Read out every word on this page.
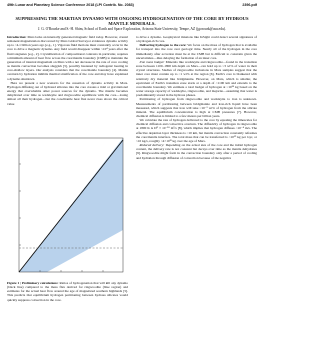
49th Lunar and Planetary Science Conference 2018 (LPI Contrib. No. 2083)	2396.pdf
SUPPRESSING THE MARTIAN DYNAMO WITH ONGOING HYDROGENATION OF THE CORE BY HYDROUS MANTLE MINERALS.
J. G. O'Rourke and S.-H. Shim, School of Earth and Space Exploration, Arizona State University, Tempe, AZ (jgorourk@asu.edu).

Introduction: Mars lacks an internally generated magnetic field today. However, crustal remanent magnetization discovered by Mars Global Surveyor evidences dynamo activity up to ~4.1 billion years ago [e.g., 1]. Vigorous fluid motions must constantly occur in the core to drive a magnetic dynamo. Any field would disappear within ~10⁴ years after the fluid stagnates [e.g., 2]. Crystallization of compositional contrasts in particular, requires a minimum amount of heat flow across the core/mantle boundary (CMB) to maintain the generation of internal magnetism on Mars with a net decrease in the rate of core cooling as mantle convection becomes sluggish [3], possibly hastened by radiogenic heating in core-shallow layers. Our analysis considers that the core/mantle boundary [4]. Mantle overturn by hydration inhibits thermal stratification of the core and may have explained a dynamo shutdown.

Here we present a new scenario for the cessation of dynamo activity in Mars. Hydrogen diffusing out of hydrated silicates into the core creates a tidal or gravitational energy that overwhelms other power sources for the dynamo. The mantle becomes dehydrated over time as wadsleyite and ringwoodite equilibrate with the core—losing almost all their hydrogen—but the core/mantle heat flux never rises above the critical value

Figure 1 | Preliminary calculations: Ratios of hydrogenation that will kill any dynamo (black line) compared to the mass flux derived for ringwoodite (blue region) and estimates for the actual heat flow around the age of magnetized southern highlands [5]. This predicts that equilibrium hydrogen partitioning between hydrous silicates would quickly suppress convection in the core.

to drive a dynamo. Geophysical missions like InSight could detect several signatures of a hydrogen-rich core.

Delivering hydrogen to the core: We focus on the mass of hydrogen that is available for transport into the core over geologic time. Nearly all of the hydrogen in the core immediately after accretion must lie at the CMB but is difficult to constrain given the uncertainties—thus delaying the formation of an inner core.

Iron mass budget: Minerals like wadsleyite and ringwoodite—found in the transition zone between 1100–1800 km depth on Mars—can hold up to ~3 wt% of water in their crystal structures. Studies of ringwoodite inclusions in Mars samples suggest that the inner core must contain up to ~1 wt% at the region [6]. Earth's core is blanketed with relatively dry material like bridgmanite. However, on Mars, which is smaller, the equivalent of Earth's transition zone starts at a depth of ~1100 km and extends to the core/mantle boundary. We estimate a total budget of hydrogen at ~10²⁰ kg based on the water storage capacity of wadsleyite, ringwoodite, and majorite—assuming that water is predominantly stored in the hydrous phases.

Partitioning of hydrogen from ringwoodite and wadsleyite to iron is unknown. Measurements of partitioning between bridgmanite and iron-rich liquid have been measured, which suggests that iron will take ~10⁻³ wt% of hydrogen from the silicate mineral. The equilibrium concentration is high at CMB pressures [7]. However, chemical diffusion is limited to a few meters per billion years.

We calculate the rate of hydrogen delivered to the core by equating the timescales for chemical diffusion and convective overturn. The diffusivity of hydrogen in ringwoodite at 1800 K is Dᴴ ≈ 10⁻¹⁰ m²/s [8], which implies that hydrogen diffuses ~10⁻⁴ m/s. The effective depletion layer thickness is ~10 km, but mantle convection constantly refreshes the core/mantle interface. The total mass that can be transferred is ~10¹⁹ kg per Gyr, or ~10 kg/s, roughly ~4×10¹³ kg over the age of Mars.

Reduced delivery: Depending on the actual size of the core and the initial hydrogen content, the delivery rate is not constant but decays over time as the mantle dehydrates [9]. Ringwoodite might form in the convection boundary only after a period of cooling and hydration through diffusion of convection because of the negative
